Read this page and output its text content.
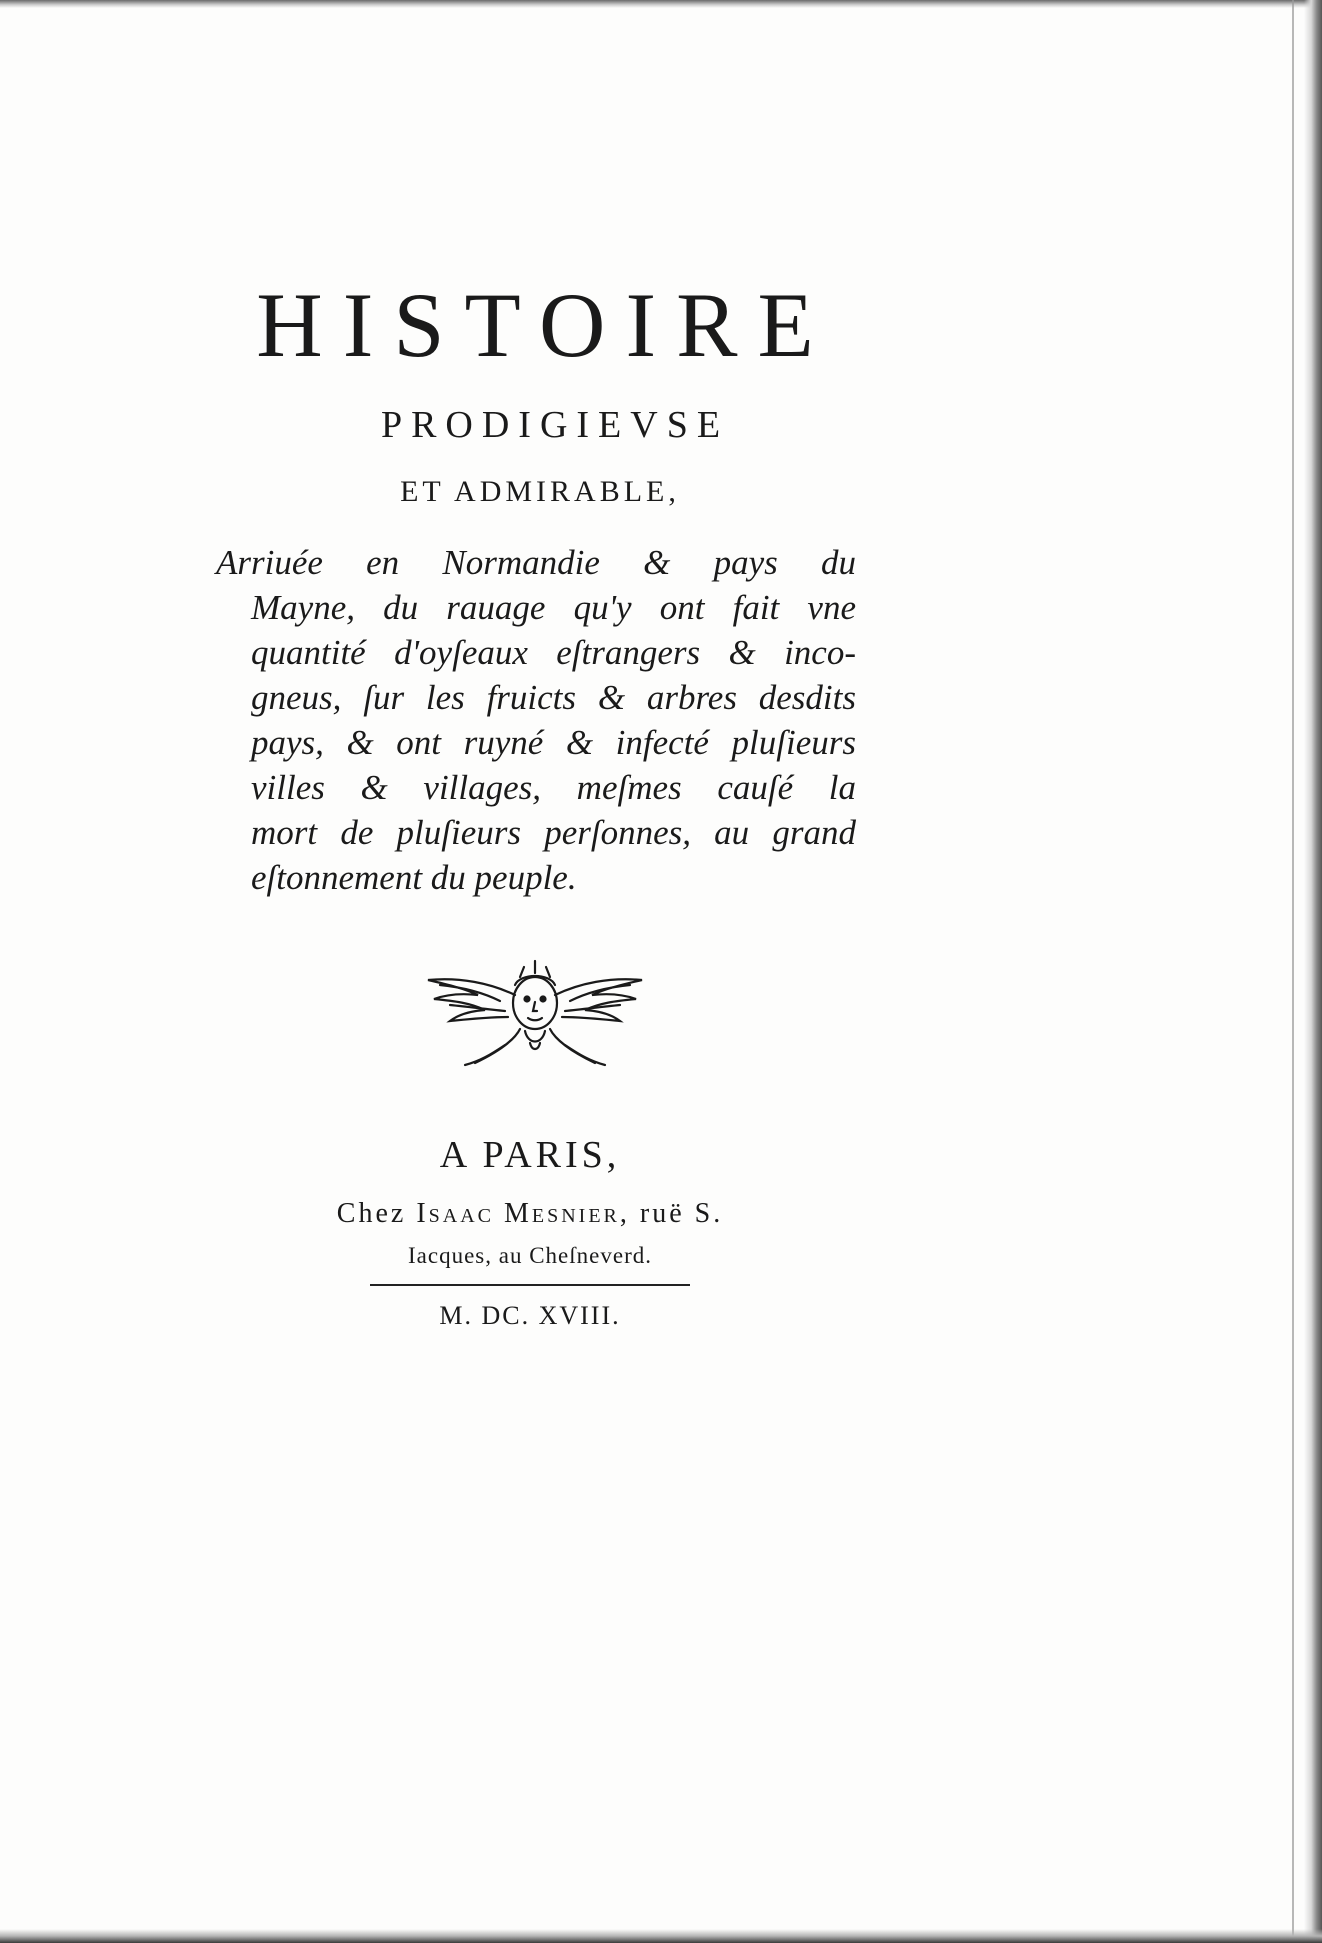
HISTOIRE

PRODIGIEVSE

ET ADMIRABLE,

Arriuée en Normandie & pays du
Mayne, du rauage qu'y ont fait vne
quantité d'oyſeaux eſtrangers & inco-
gneus, ſur les fruicts & arbres desdits
pays, & ont ruyné & infecté pluſieurs
villes & villages, meſmes cauſé la
mort de pluſieurs perſonnes, au grand
eſtonnement du peuple.

A PARIS,

Chez Isaac Mesnier, ruë S.

Iacques, au Cheſneverd.

M. DC. XVIII.
